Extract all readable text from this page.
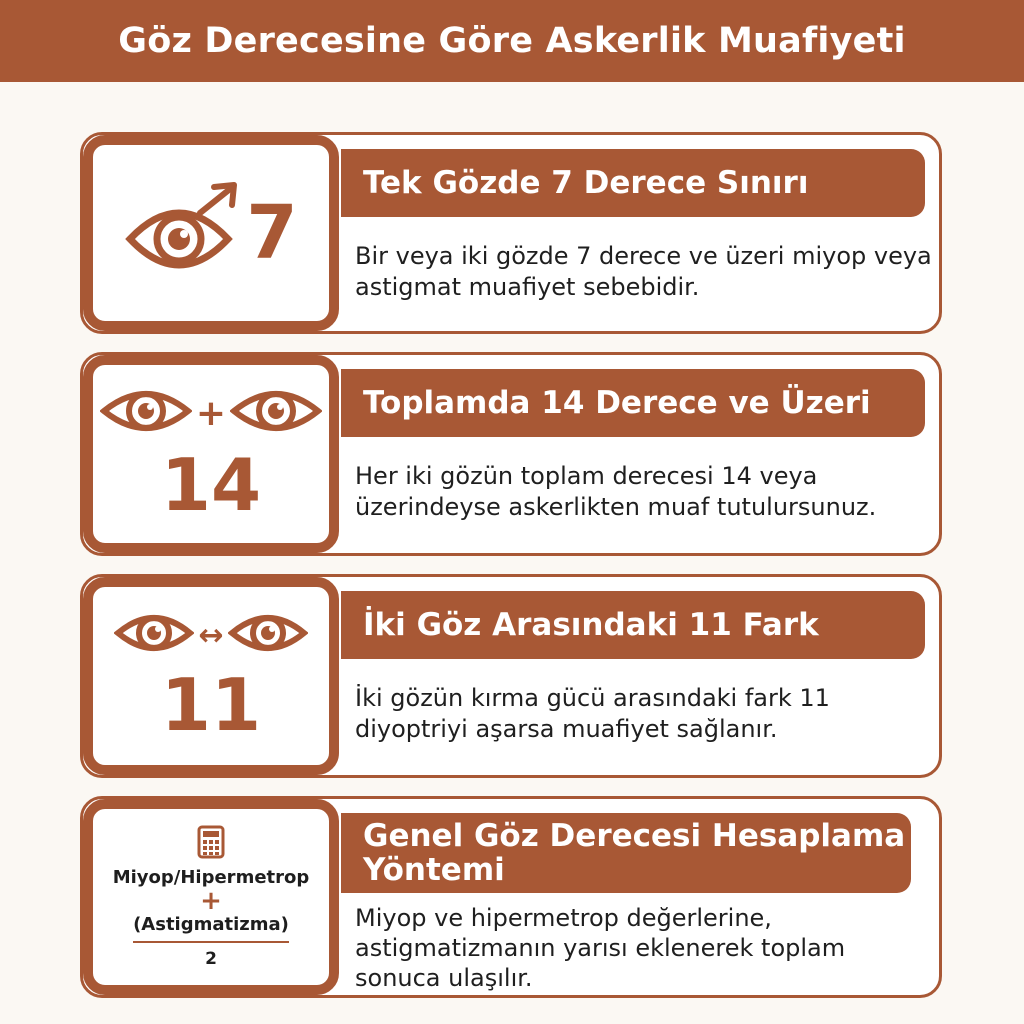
Göz Derecesine Göre Askerlik Muafiyeti
7
Tek Gözde 7 Derece Sınırı
Bir veya iki gözde 7 derece ve üzeri miyop veya astigmat muafiyet sebebidir.
+
14
Toplamda 14 Derece ve Üzeri
Her iki gözün toplam derecesi 14 veya üzerindeyse askerlikten muaf tutulursunuz.
↔
11
İki Göz Arasındaki 11 Fark
İki gözün kırma gücü arasındaki fark 11 diyoptriyi aşarsa muafiyet sağlanır.
Miyop/Hipermetrop
+
(Astigmatizma)
2
Genel Göz Derecesi Hesaplama Yöntemi
Miyop ve hipermetrop değerlerine, astigmatizmanın yarısı eklenerek toplam sonuca ulaşılır.
